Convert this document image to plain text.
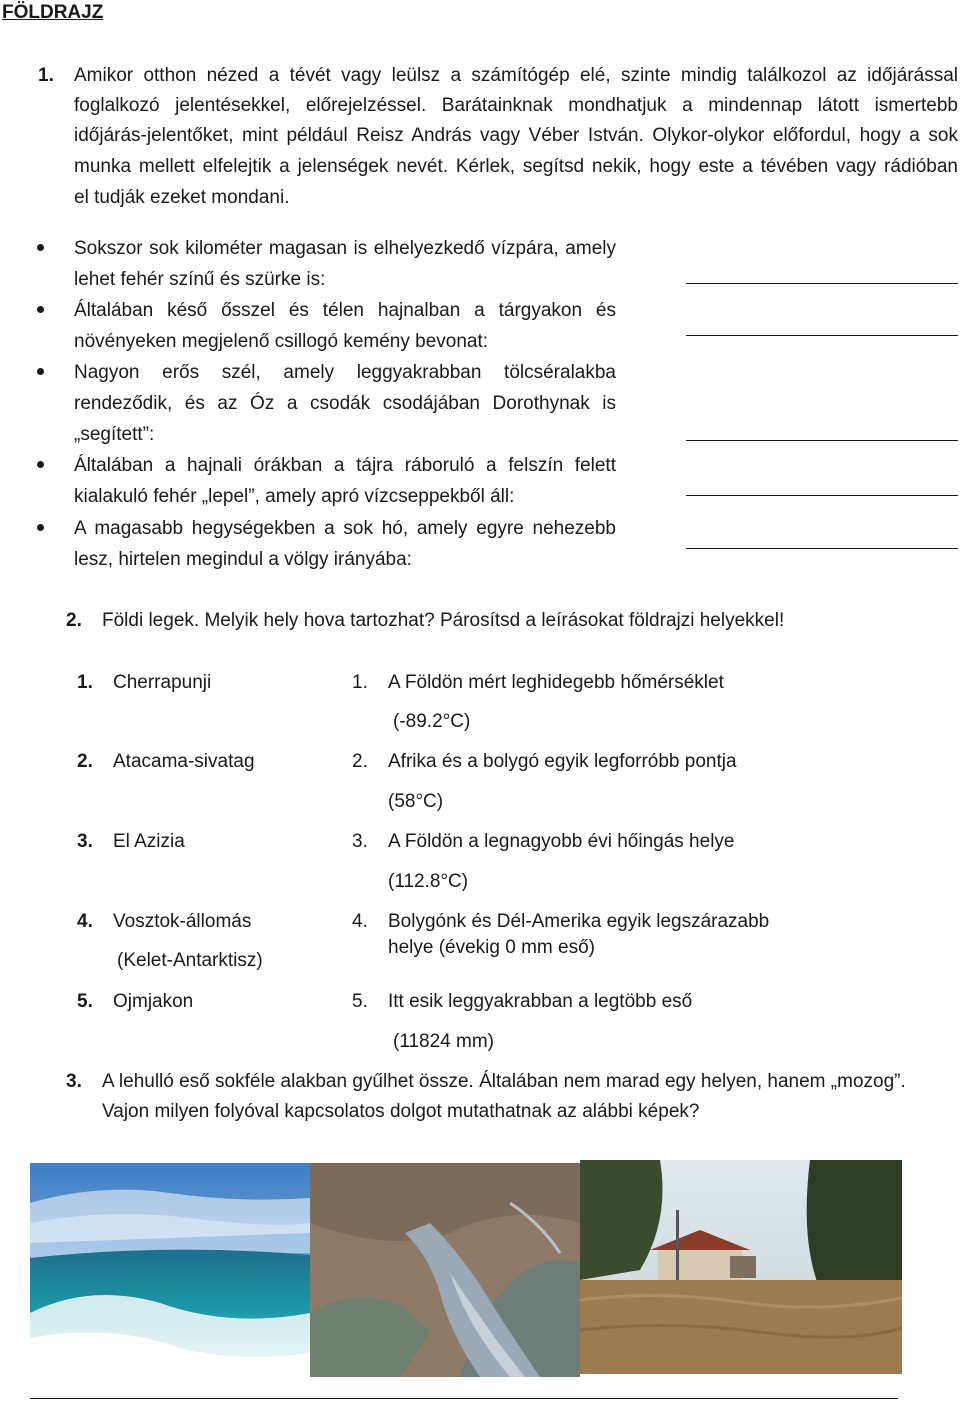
FÖLDRAJZ
1. Amikor otthon nézed a tévét vagy leülsz a számítógép elé, szinte mindig találkozol az időjárással
foglalkozó jelentésekkel, előrejelzéssel. Barátainknak mondhatjuk a mindennap látott ismertebb
időjárás-jelentőket, mint például Reisz András vagy Véber István. Olykor-olykor előfordul, hogy a sok
munka mellett elfelejtik a jelenségek nevét. Kérlek, segítsd nekik, hogy este a tévében vagy rádióban
el tudják ezeket mondani.
Sokszor sok kilométer magasan is elhelyezkedő vízpára, amely
lehet fehér színű és szürke is:
Általában késő ősszel és télen hajnalban a tárgyakon és
növényeken megjelenő csillogó kemény bevonat:
Nagyon erős szél, amely leggyakrabban tölcséralakba
rendeződik, és az Óz a csodák csodájában Dorothynak is
„segített”:
Általában a hajnali órákban a tájra ráboruló a felszín felett
kialakuló fehér „lepel”, amely apró vízcseppekből áll:
A magasabb hegységekben a sok hó, amely egyre nehezebb
lesz, hirtelen megindul a völgy irányába:
2. Földi legek. Melyik hely hova tartozhat? Párosítsd a leírásokat földrajzi helyekkel!
1. Cherrapunji
2. Atacama-sivatag
3. El Azizia
4. Vosztok-állomás
(Kelet-Antarktisz)
5. Ojmjakon
1. A Földön mért leghidegebb hőmérséklet
(-89.2°C)
2. Afrika és a bolygó egyik legforróbb pontja
(58°C)
3. A Földön a legnagyobb évi hőingás helye
(112.8°C)
4. Bolygónk és Dél-Amerika egyik legszárazabb
helye (évekig 0 mm eső)
5. Itt esik leggyakrabban a legtöbb eső
(11824 mm)
3. A lehulló eső sokféle alakban gyűlhet össze. Általában nem marad egy helyen, hanem „mozog”.
Vajon milyen folyóval kapcsolatos dolgot mutathatnak az alábbi képek?
